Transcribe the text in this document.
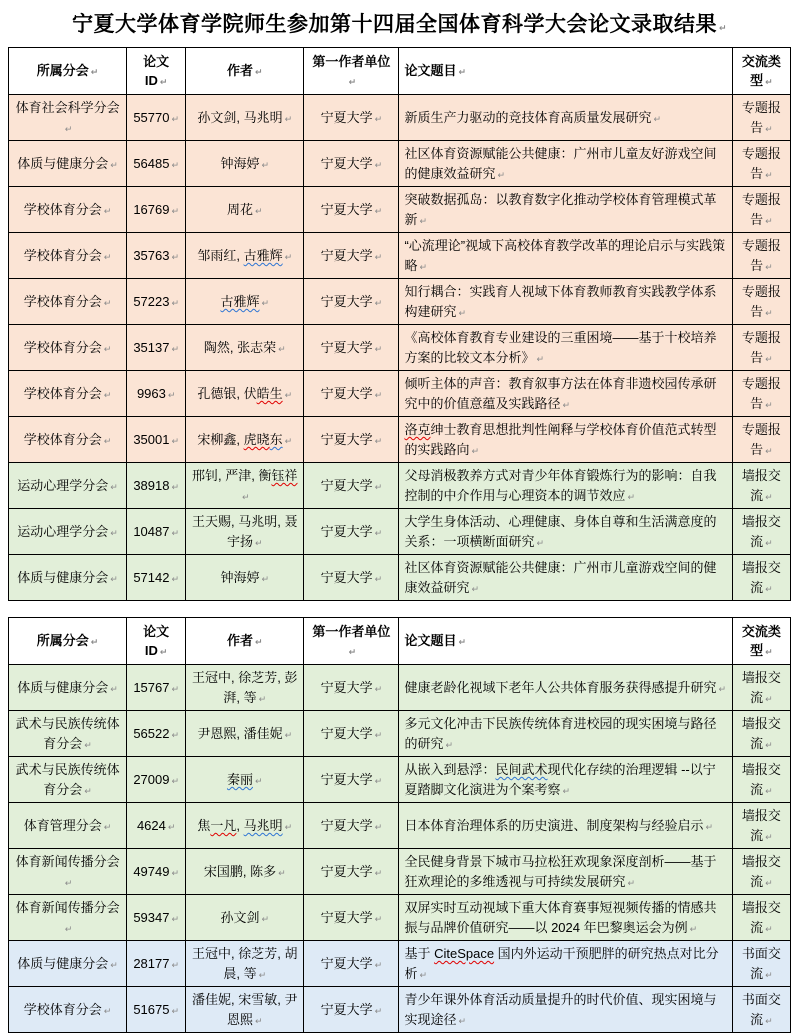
宁夏大学体育学院师生参加第十四届全国体育科学大会论文录取结果 ↵
所属分会 ↵	论文 ID ↵	作者 ↵	第一作者单位↵	论文题目 ↵	交流类型 ↵
体育社会科学分会↵	55770 ↵	孙文剑, 马兆明 ↵	宁夏大学 ↵	新质生产力驱动的竞技体育高质量发展研究 ↵	专题报告 ↵
体质与健康分会 ↵	56485 ↵	钟海婷 ↵	宁夏大学 ↵	社区体育资源赋能公共健康：广州市儿童友好游戏空间的健康效益研究 ↵	专题报告 ↵
学校体育分会 ↵	16769 ↵	周花 ↵	宁夏大学 ↵	突破数据孤岛：以教育数字化推动学校体育管理模式革新 ↵	专题报告 ↵
学校体育分会 ↵	35763 ↵	邹雨红, 古雅辉 ↵	宁夏大学 ↵	“心流理论”视域下高校体育教学改革的理论启示与实践策略 ↵	专题报告 ↵
学校体育分会 ↵	57223 ↵	古雅辉 ↵	宁夏大学 ↵	知行耦合：实践育人视域下体育教师教育实践教学体系构建研究 ↵	专题报告 ↵
学校体育分会 ↵	35137 ↵	陶然, 张志荣 ↵	宁夏大学 ↵	《高校体育教育专业建设的三重困境——基于十校培养方案的比较文本分析》 ↵	专题报告 ↵
学校体育分会 ↵	9963 ↵	孔德银, 伏皓生 ↵	宁夏大学 ↵	倾听主体的声音：教育叙事方法在体育非遗校园传承研究中的价值意蕴及实践路径 ↵	专题报告 ↵
学校体育分会 ↵	35001 ↵	宋柳鑫, 虎晓东 ↵	宁夏大学 ↵	洛克绅士教育思想批判性阐释与学校体育价值范式转型的实践路向 ↵	专题报告 ↵
运动心理学分会 ↵	38918 ↵	邢钊, 严津, 衡钰祥↵	宁夏大学 ↵	父母消极教养方式对青少年体育锻炼行为的影响：自我控制的中介作用与心理资本的调节效应 ↵	墙报交流 ↵
运动心理学分会 ↵	10487 ↵	王天赐, 马兆明, 聂宇扬 ↵	宁夏大学 ↵	大学生身体活动、心理健康、身体自尊和生活满意度的关系：一项横断面研究 ↵	墙报交流 ↵
体质与健康分会 ↵	57142 ↵	钟海婷 ↵	宁夏大学 ↵	社区体育资源赋能公共健康：广州市儿童游戏空间的健康效益研究 ↵	墙报交流 ↵
所属分会 ↵	论文 ID ↵	作者 ↵	第一作者单位↵	论文题目 ↵	交流类型 ↵
体质与健康分会 ↵	15767 ↵	王冠中, 徐芝芳, 彭湃, 等 ↵	宁夏大学 ↵	健康老龄化视域下老年人公共体育服务获得感提升研究 ↵	墙报交流 ↵
武术与民族传统体育分会 ↵	56522 ↵	尹恩熙, 潘佳妮 ↵	宁夏大学 ↵	多元文化冲击下民族传统体育进校园的现实困境与路径的研究 ↵	墙报交流 ↵
武术与民族传统体育分会 ↵	27009 ↵	秦丽 ↵	宁夏大学 ↵	从嵌入到悬浮：民间武术现代化存续的治理逻辑 --以宁夏踏脚文化演进为个案考察 ↵	墙报交流 ↵
体育管理分会 ↵	4624 ↵	焦一凡, 马兆明 ↵	宁夏大学 ↵	日本体育治理体系的历史演进、制度架构与经验启示 ↵	墙报交流 ↵
体育新闻传播分会↵	49749 ↵	宋国鹏, 陈多 ↵	宁夏大学 ↵	全民健身背景下城市马拉松狂欢现象深度剖析——基于狂欢理论的多维透视与可持续发展研究 ↵	墙报交流 ↵
体育新闻传播分会↵	59347 ↵	孙文剑 ↵	宁夏大学 ↵	双屏实时互动视域下重大体育赛事短视频传播的情感共振与品牌价值研究——以 2024 年巴黎奥运会为例 ↵	墙报交流 ↵
体质与健康分会 ↵	28177 ↵	王冠中, 徐芝芳, 胡晨, 等 ↵	宁夏大学 ↵	基于 CiteSpace 国内外运动干预肥胖的研究热点对比分析 ↵	书面交流 ↵
学校体育分会 ↵	51675 ↵	潘佳妮, 宋雪敏, 尹恩熙 ↵	宁夏大学 ↵	青少年课外体育活动质量提升的时代价值、现实困境与实现途径 ↵	书面交流 ↵
